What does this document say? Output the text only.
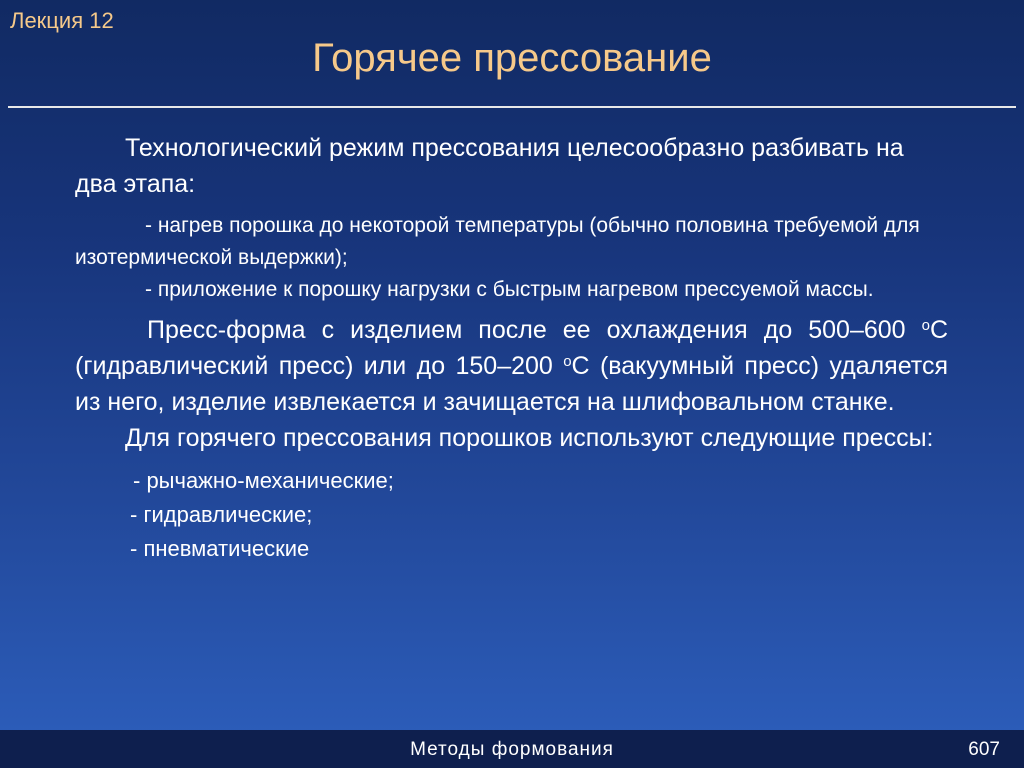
Лекция 12
Горячее прессование

Технологический режим прессования целесообразно разбивать на два этапа:

- нагрев порошка до некоторой температуры (обычно половина требуемой для изотермической выдержки);

- приложение к порошку нагрузки с быстрым нагревом прессуемой массы.

Пресс-форма с изделием после ее охлаждения до 500–600 $^o$С (гидравлический пресс) или до 150–200 $^o$С (вакуумный пресс) удаляется из него, изделие извлекается и зачищается на шлифовальном станке.

Для горячего прессования порошков используют следующие прессы:

- рычажно-механические;

- гидравлические;

- пневматические

Методы формования	607
